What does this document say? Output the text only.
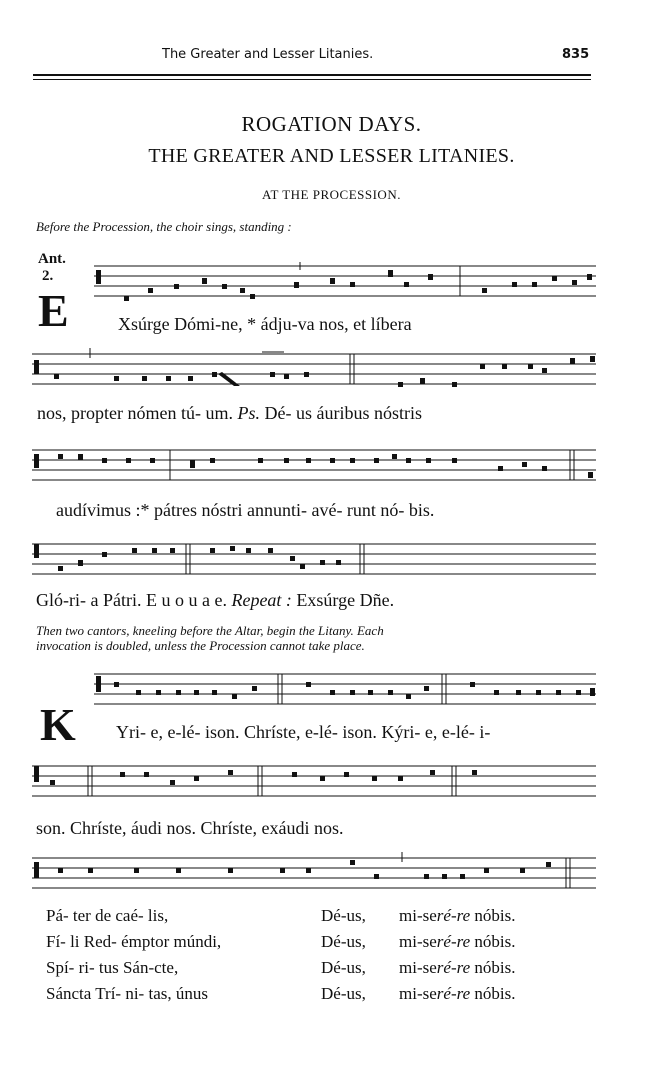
The Greater and Lesser Litanies.	835
ROGATION DAYS.
THE GREATER AND LESSER LITANIES.
AT THE PROCESSION.
Before the Procession, the choir sings, standing :
Ant.
2.
E	Xsúrge Dómi-ne, * ádju-va nos, et líbera
nos, propter nómen tú- um. Ps. Dé- us áuribus nóstris
audívimus :* pátres nóstri annunti- avé- runt nó- bis.
Gló-ri- a Pátri. E u o u a e. Repeat : Exsúrge Dñe.
Then two cantors, kneeling before the Altar, begin the Litany. Each
invocation is doubled, unless the Procession cannot take place.
K Yri- e, e-lé- ison. Chríste, e-lé- ison. Kýri- e, e-lé- i-
son. Chríste, áudi nos. Chríste, exáudi nos.
Pá- ter de caé- lis,	Dé-us,	mi-seré-re nóbis.
Fí- li Red- émptor múndi,	Dé-us,	mi-seré-re nóbis.
Spí- ri- tus Sán-cte,	Dé-us,	mi-seré-re nóbis.
Sáncta Trí- ni- tas, únus	Dé-us,	mi-seré-re nóbis.
